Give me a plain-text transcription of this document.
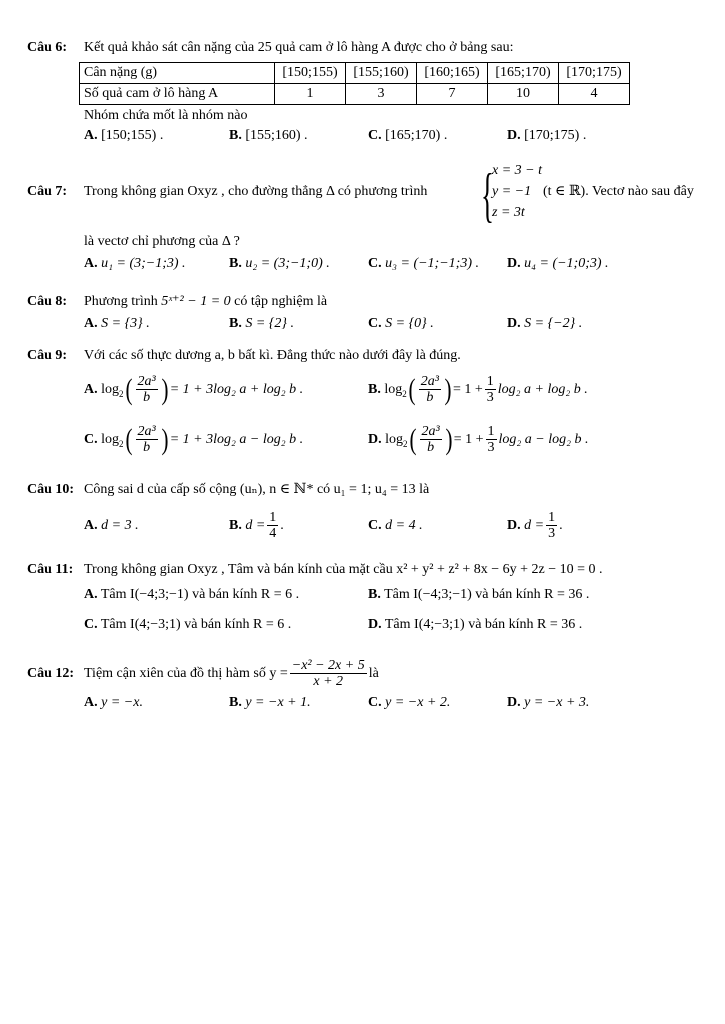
Câu 6: Kết quả khảo sát cân nặng của 25 quả cam ở lô hàng A được cho ở bảng sau:
Cân nặng (g)	[150;155)	[155;160)	[160;165)	[165;170)	[170;175)
Số quả cam ở lô hàng A	1	3	7	10	4
Nhóm chứa mốt là nhóm nào
A. [150;155) .	B. [155;160) .	C. [165;170) .	D. [170;175) .
Câu 7: Trong không gian Oxyz , cho đường thẳng Δ có phương trình {
x = 3 − t
y = −1
z = 3t
(t ∈ ℝ). Vectơ nào sau đây
là vectơ chỉ phương của Δ ?
A. u₁ = (3;−1;3) .	B. u₂ = (3;−1;0) .	C. u₃ = (−1;−1;3) . D. u₄ = (−1;0;3) .
Câu 8: Phương trình 5ˣ⁺² − 1 = 0 có tập nghiệm là
A. S = {3} .	B. S = {2} .	C. S = {0} .	D. S = {−2} .
Câu 9: Với các số thực dương a, b bất kì. Đẳng thức nào dưới đây là đúng.
A. $\log_2( \frac{\text{2a³}}{b}$ ) = 1 + 3log₂ a + log₂ b .	B. $\log_2( \frac{\text{2a³}}{b}$ ) = $1 + \frac{1}{3} \log_2$ a + log₂ b .
C. $\log_2( \frac{\text{2a³}}{b}$ ) = 1 + 3log₂ a − log₂ b .	D. $\log_2( \frac{\text{2a³}}{b}$ ) = $1 + \frac{1}{3} \log_2$ a − log₂ b .
Câu 10: Công sai d của cấp số cộng (uₙ), n ∈ ℕ* có u₁ = 1; u₄ = 13 là
A. d = 3 .	B. $d = \frac{1}{4}$ .	C. d = 4 .	D. $d = \frac{1}{3}$ .
Câu 11: Trong không gian Oxyz , Tâm và bán kính của mặt cầu x² + y² + z² + 8x − 6y + 2z − 10 = 0 .
A. Tâm I(−4;3;−1) và bán kính R = 6 .	B. Tâm I(−4;3;−1) và bán kính R = 36 .
C. Tâm I(4;−3;1) và bán kính R = 6 .	D. Tâm I(4;−3;1) và bán kính R = 36 .
Câu 12: Tiệm cận xiên của đồ thị hàm số $y = \frac{\text{−x² − 2x + 5}}{x + 2}$ là
A. y = −x.	B. y = −x + 1.	C. y = −x + 2.	D. y = −x + 3.
